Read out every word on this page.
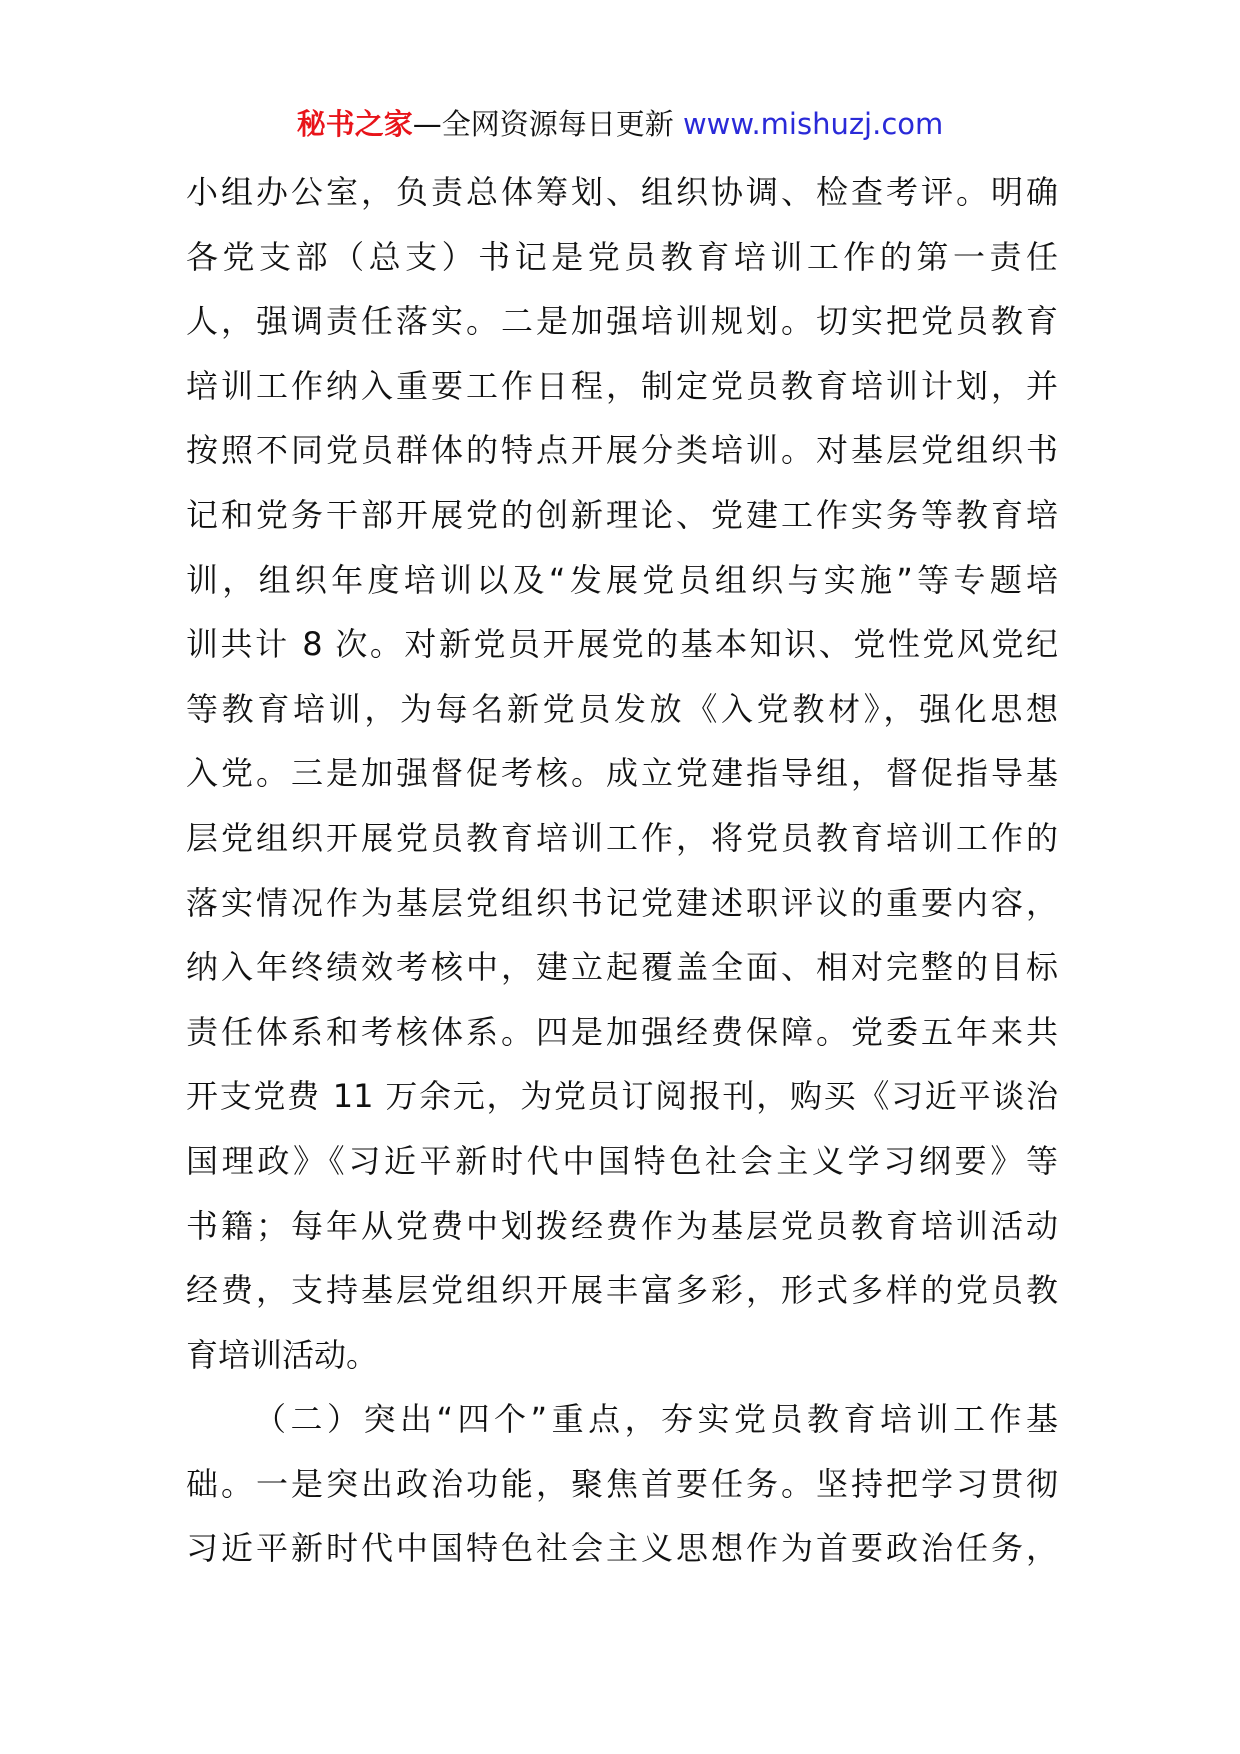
秘书之家—全网资源每日更新 www.mishuzj.com
小组办公室，负责总体筹划、组织协调、检查考评。明确
各党支部（总支）书记是党员教育培训工作的第一责任
人，强调责任落实。二是加强培训规划。切实把党员教育
培训工作纳入重要工作日程，制定党员教育培训计划，并
按照不同党员群体的特点开展分类培训。对基层党组织书
记和党务干部开展党的创新理论、党建工作实务等教育培
训，组织年度培训以及“发展党员组织与实施”等专题培
训共计 8 次。对新党员开展党的基本知识、党性党风党纪
等教育培训，为每名新党员发放《入党教材》，强化思想
入党。三是加强督促考核。成立党建指导组，督促指导基
层党组织开展党员教育培训工作，将党员教育培训工作的
落实情况作为基层党组织书记党建述职评议的重要内容，
纳入年终绩效考核中，建立起覆盖全面、相对完整的目标
责任体系和考核体系。四是加强经费保障。党委五年来共
开支党费 11 万余元，为党员订阅报刊，购买《习近平谈治
国理政》《习近平新时代中国特色社会主义学习纲要》等
书籍；每年从党费中划拨经费作为基层党员教育培训活动
经费，支持基层党组织开展丰富多彩，形式多样的党员教
育培训活动。
（二）突出“四个”重点，夯实党员教育培训工作基
础。一是突出政治功能，聚焦首要任务。坚持把学习贯彻
习近平新时代中国特色社会主义思想作为首要政治任务，
